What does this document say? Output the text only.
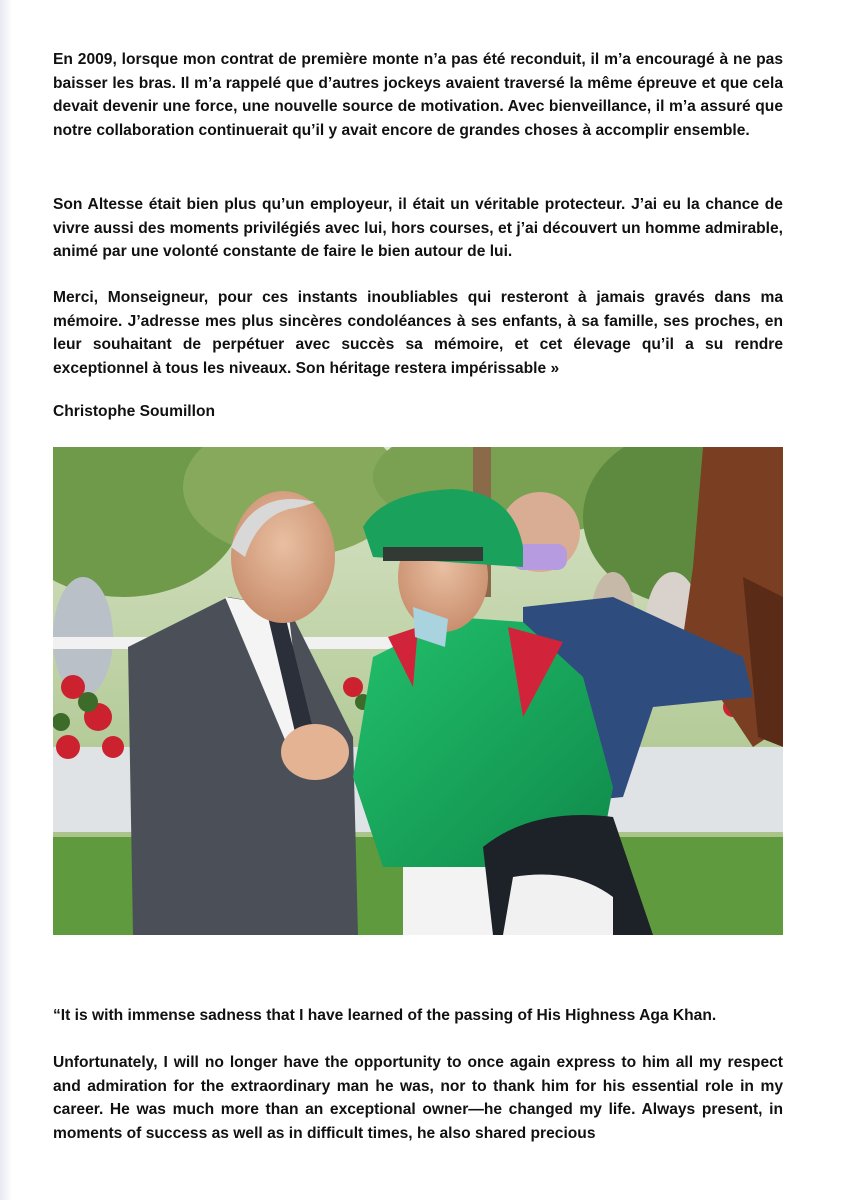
En 2009, lorsque mon contrat de première monte n’a pas été reconduit, il m’a encouragé à ne pas baisser les bras. Il m’a rappelé que d’autres jockeys avaient traversé la même épreuve et que cela devait devenir une force, une nouvelle source de motivation. Avec bienveillance, il m’a assuré que notre collaboration continuerait qu’il y avait encore de grandes choses à accomplir ensemble.

Son Altesse était bien plus qu’un employeur, il était un véritable protecteur. J’ai eu la chance de vivre aussi des moments privilégiés avec lui, hors courses, et j’ai découvert un homme admirable, animé par une volonté constante de faire le bien autour de lui.

Merci, Monseigneur, pour ces instants inoubliables qui resteront à jamais gravés dans ma mémoire. J’adresse mes plus sincères condoléances à ses enfants, à sa famille, ses proches, en leur souhaitant de perpétuer avec succès sa mémoire, et cet élevage qu’il a su rendre exceptionnel à tous les niveaux. Son héritage restera impérissable »

Christophe Soumillon

“It is with immense sadness that I have learned of the passing of His Highness Aga Khan.

Unfortunately, I will no longer have the opportunity to once again express to him all my respect and admiration for the extraordinary man he was, nor to thank him for his essential role in my career. He was much more than an exceptional owner—he changed my life. Always present, in moments of success as well as in difficult times, he also shared precious
